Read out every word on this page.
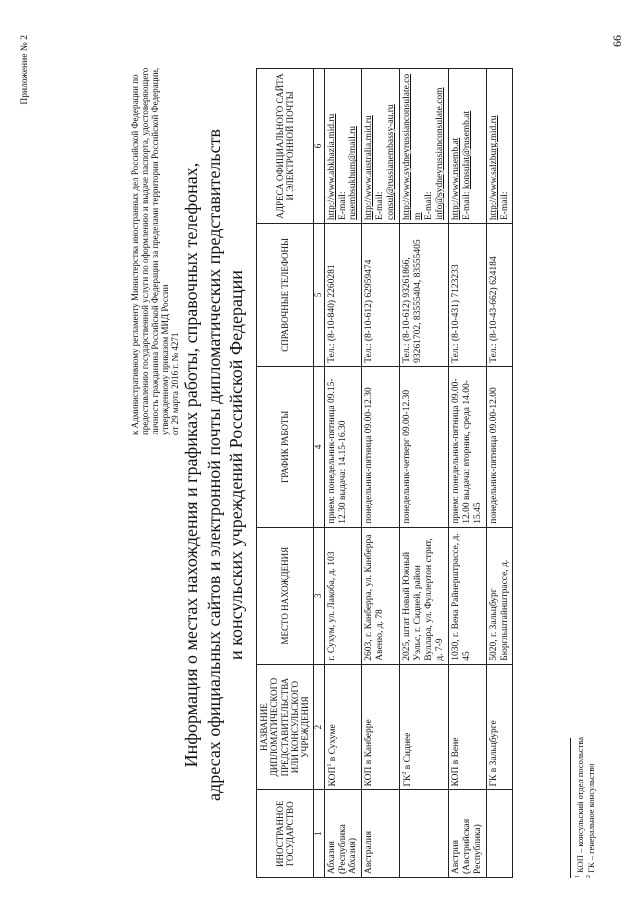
66
Приложение № 2
к Административному регламенту Министерства иностранных дел Российской Федерации по предоставлению государственной услуги по оформлению и выдаче паспорта, удостоверяющего личность гражданина Российской Федерации за пределами территории Российской Федерации, утвержденному приказом МИД России от 29 марта 2016 г. № 4271 Информация о местах нахождения и графиках работы, справочных телефонах, адресах официальных сайтов и электронной почты дипломатических представительств и консульских учреждений Российской Федерации
ИНОСТРАННОЕ ГОСУДАРСТВО	НАЗВАНИЕ ДИПЛОМАТИЧЕСКОГО ПРЕДСТАВИТЕЛЬСТВА ИЛИ КОНСУЛЬСКОГО УЧРЕЖДЕНИЯ	МЕСТО НАХОЖДЕНИЯ	ГРАФИК РАБОТЫ	СПРАВОЧНЫЕ ТЕЛЕФОНЫ	АДРЕСА ОФИЦИАЛЬНОГО САЙТА И ЭЛЕКТРОННОЙ ПОЧТЫ
1	2	3	4	5	6
Абхазия (Республика Абхазия)	КОП$^1$ в Сухуме	г. Сухум, ул. Лакоба, д. 103	прием: понедельник-пятница 09.15-12.30 выдача: 14.15-16.30	Тел.: (8-10-840) 2260281	http://www.abkhazia.mid.ru E-mail: rusembsukhum@mail.ru

Австралия	КОП в Канберре	2603, г. Канберра, ул. Канберра Авеню, д. 78	понедельник-пятница 09.00-12.30	Тел.: (8-10-612) 62959474	http://www.australia.mid.ru E-mail: consul@russianembassy-au.ru

	$ГК^2$ в Сиднее	2025, штат Новый Южный Уэльс, г. Сидней, район Вуллара, ул. Фуллертон стрит, д. 7-9	понедельник-четверг 09.00-12.30	Тел.: (8-10-612) 93261866, 93261702, 83555404, 83555405	http://www.sydneyrussianconsulate.com E-mail: info@sydneyrussianconsulate.com

Австрия (Австрийская Республика)	КОП в Вене	1030, г. Вена Райнерштрассе, д. 45	прием: понедельник-пятница 09.00-12.00 выдача: вторник, среда 14.00-15.45	Тел.: (8-10-431) 7123233	http://www.rusemb.at E-mail: konsulat@rusemb.at

	ГК в Зальцбурге	5020, г. Зальцбург Бюргльштайнштрассе, д.	понедельник-пятница 09.00-12.00	Тел.: (8-10-43-662) 624184	http://www.salzburg.mid.ru E-mail:
$^1$ КОП – консульский отдел посольства
$^2$ ГК – генеральное консульство
